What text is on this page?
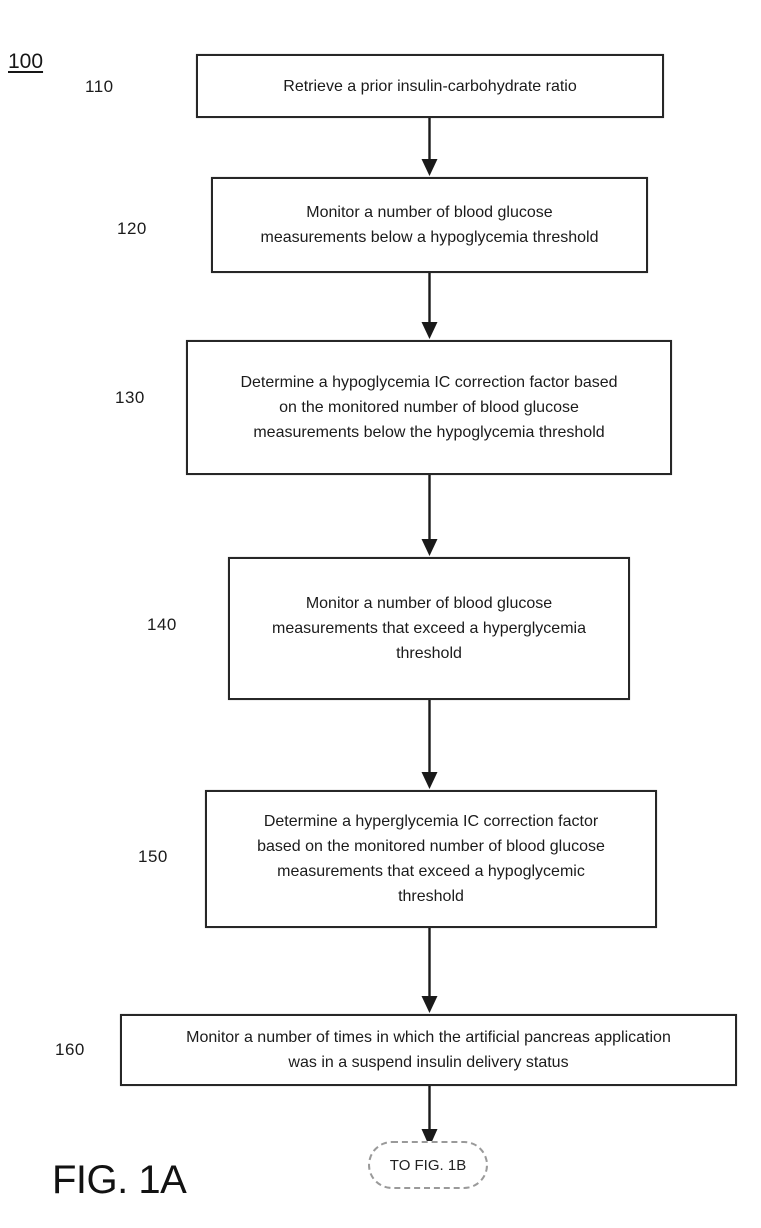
100
110
120
130
140
150
160
Retrieve a prior insulin-carbohydrate ratio
Monitor a number of blood glucose
measurements below a hypoglycemia threshold
Determine a hypoglycemia IC correction factor based
on the monitored number of blood glucose
measurements below the hypoglycemia threshold
Monitor a number of blood glucose
measurements that exceed a hyperglycemia
threshold
Determine a hyperglycemia IC correction factor
based on the monitored number of blood glucose
measurements that exceed a hypoglycemic
threshold
Monitor a number of times in which the artificial pancreas application
was in a suspend insulin delivery status
TO FIG. 1B
FIG. 1A
